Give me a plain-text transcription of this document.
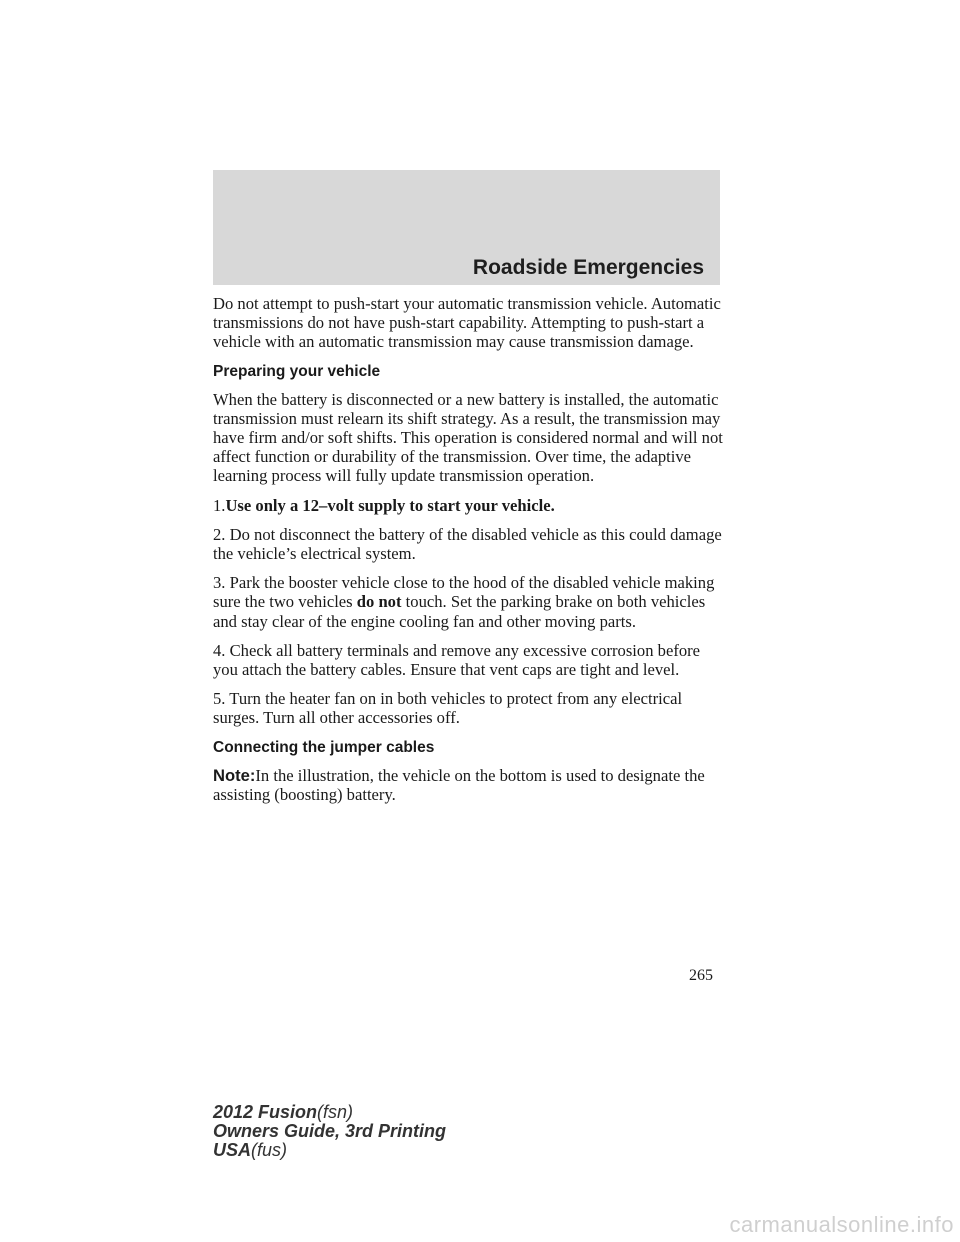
Roadside Emergencies

Do not attempt to push-start your automatic transmission vehicle. Automatic transmissions do not have push-start capability. Attempting to push-start a vehicle with an automatic transmission may cause transmission damage.

Preparing your vehicle

When the battery is disconnected or a new battery is installed, the automatic transmission must relearn its shift strategy. As a result, the transmission may have firm and/or soft shifts. This operation is considered normal and will not affect function or durability of the transmission. Over time, the adaptive learning process will fully update transmission operation.

1.Use only a 12–volt supply to start your vehicle.

2. Do not disconnect the battery of the disabled vehicle as this could damage the vehicle’s electrical system.

3. Park the booster vehicle close to the hood of the disabled vehicle making sure the two vehicles do not touch. Set the parking brake on both vehicles and stay clear of the engine cooling fan and other moving parts.

4. Check all battery terminals and remove any excessive corrosion before you attach the battery cables. Ensure that vent caps are tight and level.

5. Turn the heater fan on in both vehicles to protect from any electrical surges. Turn all other accessories off.

Connecting the jumper cables

Note:In the illustration, the vehicle on the bottom is used to designate the assisting (boosting) battery.

265
2012 Fusion(fsn)
Owners Guide, 3rd Printing
USA(fus)
carmanualsonline.info
